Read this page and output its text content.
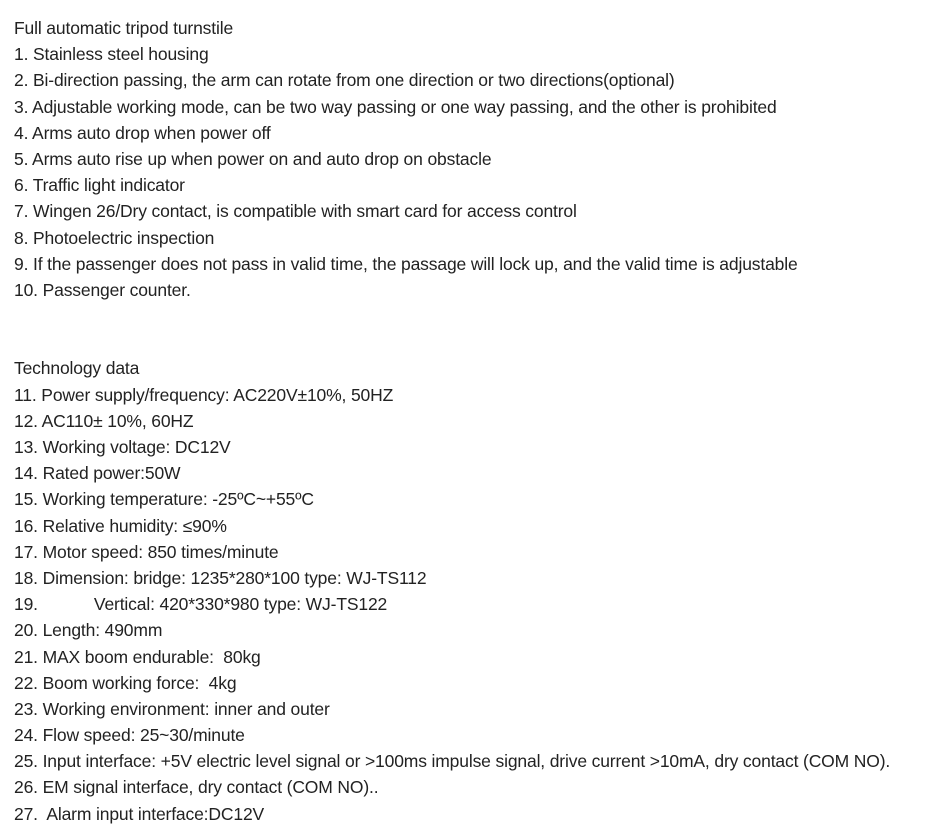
Full automatic tripod turnstile
1. Stainless steel housing
2. Bi-direction passing, the arm can rotate from one direction or two directions(optional)
3. Adjustable working mode, can be two way passing or one way passing, and the other is prohibited
4. Arms auto drop when power off
5. Arms auto rise up when power on and auto drop on obstacle
6. Traffic light indicator
7. Wingen 26/Dry contact, is compatible with smart card for access control
8. Photoelectric inspection
9. If the passenger does not pass in valid time, the passage will lock up, and the valid time is adjustable
10. Passenger counter.
Technology data
11. Power supply/frequency: AC220V±10%, 50HZ
12. AC110± 10%, 60HZ
13. Working voltage: DC12V
14. Rated power:50W
15. Working temperature: -25ºC~+55ºC
16. Relative humidity: ≤90%
17. Motor speed: 850 times/minute
18. Dimension: bridge: 1235*280*100 type: WJ-TS112
19.	Vertical: 420*330*980 type: WJ-TS122
20. Length: 490mm
21. MAX boom endurable:  80kg
22. Boom working force:  4kg
23. Working environment: inner and outer
24. Flow speed: 25~30/minute
25. Input interface: +5V electric level signal or >100ms impulse signal, drive current >10mA, dry contact (COM NO).
26. EM signal interface, dry contact (COM NO)..
27.  Alarm input interface:DC12V
